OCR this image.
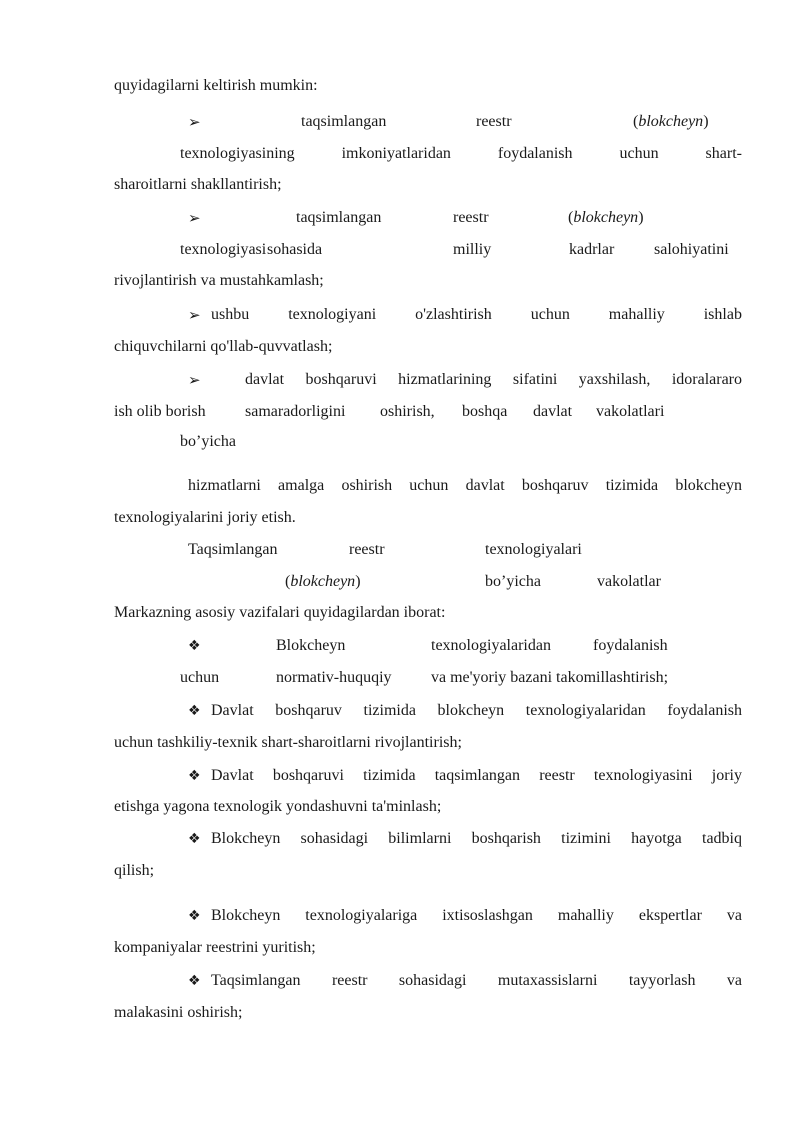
quyidagilarni keltirish mumkin:
➢	taqsimlangan	reestr	(blokcheyn)
texnologiyasining	imkoniyatlaridan	foydalanish	uchun	shart-
sharoitlarni shakllantirish;
➢	taqsimlangan	reestr	(blokcheyn)
texnologiyasi sohasida	milliy	kadrlar salohiyatini
rivojlantirish va mustahkamlash;
➢ ushbu texnologiyani o'zlashtirish uchun mahalliy ishlab
chiquvchilarni qo'llab-quvvatlash;
➢	davlat boshqaruvi hizmatlarining sifatini yaxshilash, idoralararo
ish olib borish samaradorligini oshirish, boshqa davlat vakolatlari
bo’yicha
hizmatlarni amalga oshirish uchun davlat boshqaruv tizimida blokcheyn
texnologiyalarini joriy etish.
Taqsimlangan	reestr	texnologiyalari
(blokcheyn)	bo’yicha	vakolatlar
Markazning asosiy vazifalari quyidagilardan iborat:
❖	Blokcheyn	texnologiyalaridan	foydalanish
uchun	normativ-huquqiy va me'yoriy bazani takomillashtirish;
❖ Davlat boshqaruv tizimida blokcheyn texnologiyalaridan foydalanish
uchun tashkiliy-texnik shart-sharoitlarni rivojlantirish;
❖ Davlat boshqaruvi tizimida taqsimlangan reestr texnologiyasini joriy
etishga yagona texnologik yondashuvni ta'minlash;
❖ Blokcheyn sohasidagi bilimlarni boshqarish tizimini hayotga tadbiq
qilish;
❖ Blokcheyn texnologiyalariga ixtisoslashgan mahalliy ekspertlar va
kompaniyalar reestrini yuritish;
❖ Taqsimlangan reestr sohasidagi mutaxassislarni tayyorlash va
malakasini oshirish;
